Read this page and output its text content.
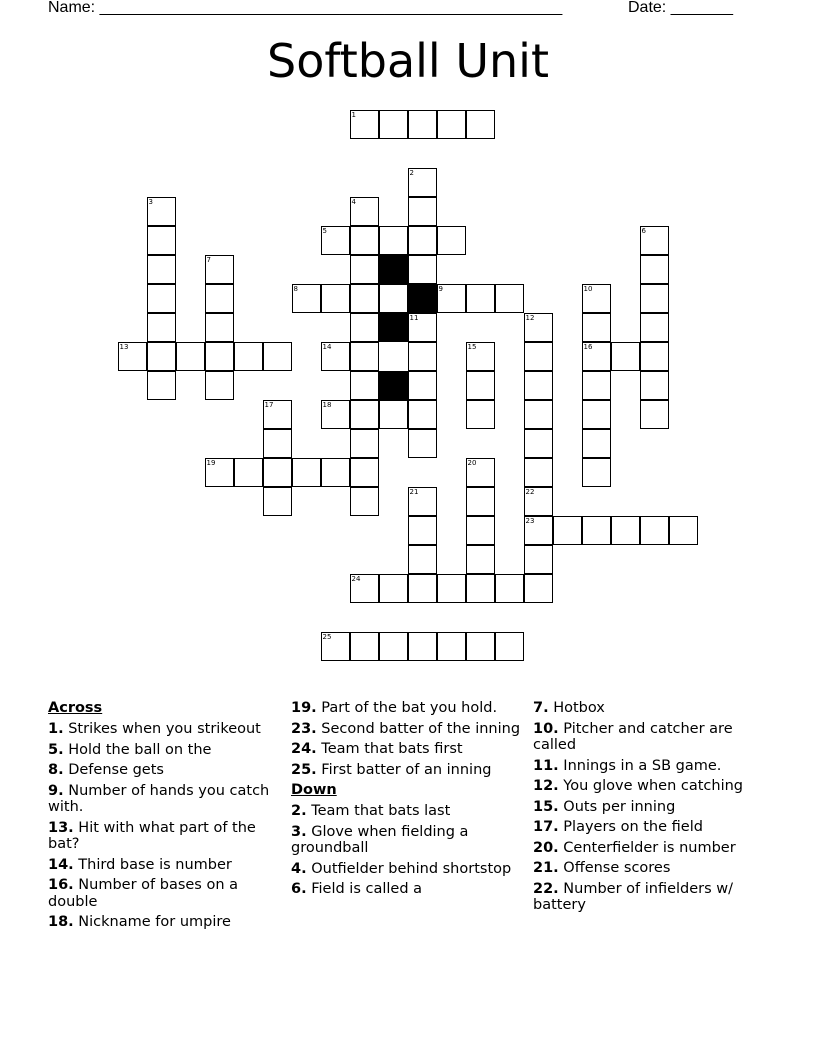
Name: ____________________________________________________	Date: _______
Softball Unit
1
2
11
3	4
5	6
7
8	9	10
16
12
13	14	15
17	18
19	20
21	22
23
24
25
Across
1. Strikes when you strikeout
5. Hold the ball on the
8. Defense gets
9. Number of hands you catch with.
13. Hit with what part of the bat?
14. Third base is number
16. Number of bases on a double
18. Nickname for umpire
19. Part of the bat you hold.
23. Second batter of the inning
24. Team that bats first
25. First batter of an inning
Down
2. Team that bats last
3. Glove when fielding a groundball
4. Outfielder behind shortstop
6. Field is called a
7. Hotbox
10. Pitcher and catcher are called
11. Innings in a SB game.
12. You glove when catching
15. Outs per inning
17. Players on the field
20. Centerfielder is number
21. Offense scores
22. Number of infielders w/ battery
